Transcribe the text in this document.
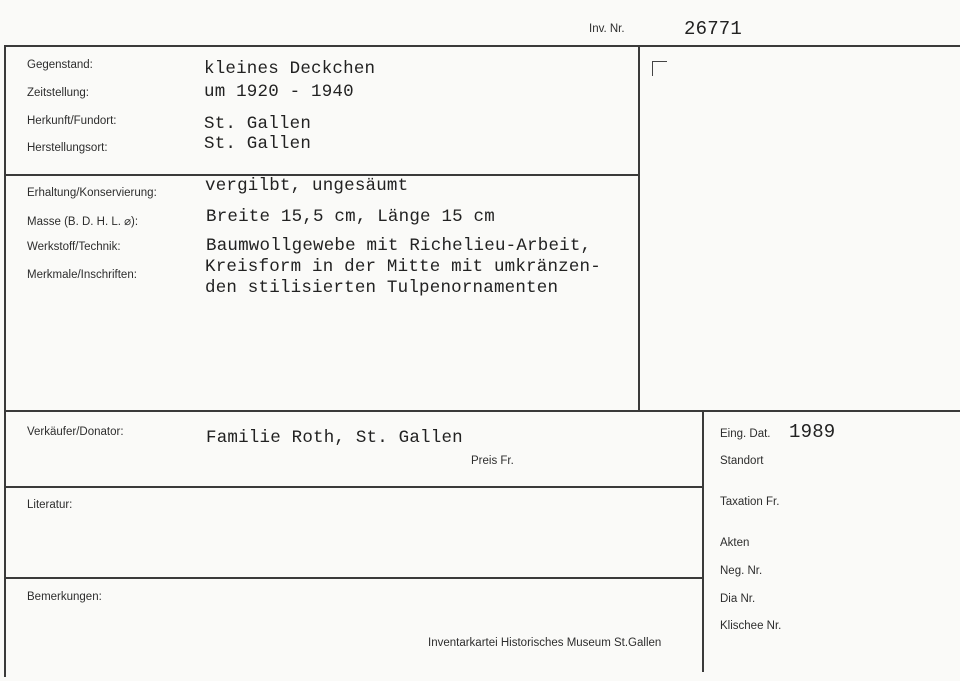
Inv. Nr.	26771
Gegenstand:	kleines Deckchen
Zeitstellung:	um 1920 - 1940
Herkunft/Fundort:	St. Gallen
Herstellungsort:	St. Gallen
Erhaltung/Konservierung:	vergilbt, ungesäumt
Masse (B. D. H. L. ⌀):	Breite 15,5 cm, Länge 15 cm
Werkstoff/Technik:	Baumwollgewebe mit Richelieu-Arbeit,
Merkmale/Inschriften:	Kreisform in der Mitte mit umkränzen-
den stilisierten Tulpenornamenten
Verkäufer/Donator:	Familie Roth, St. Gallen
Preis Fr.
Literatur:
Bemerkungen:
Inventarkartei Historisches Museum St.Gallen
Eing. Dat. 1989
Standort
Taxation Fr.
Akten
Neg. Nr.
Dia Nr.
Klischee Nr.
